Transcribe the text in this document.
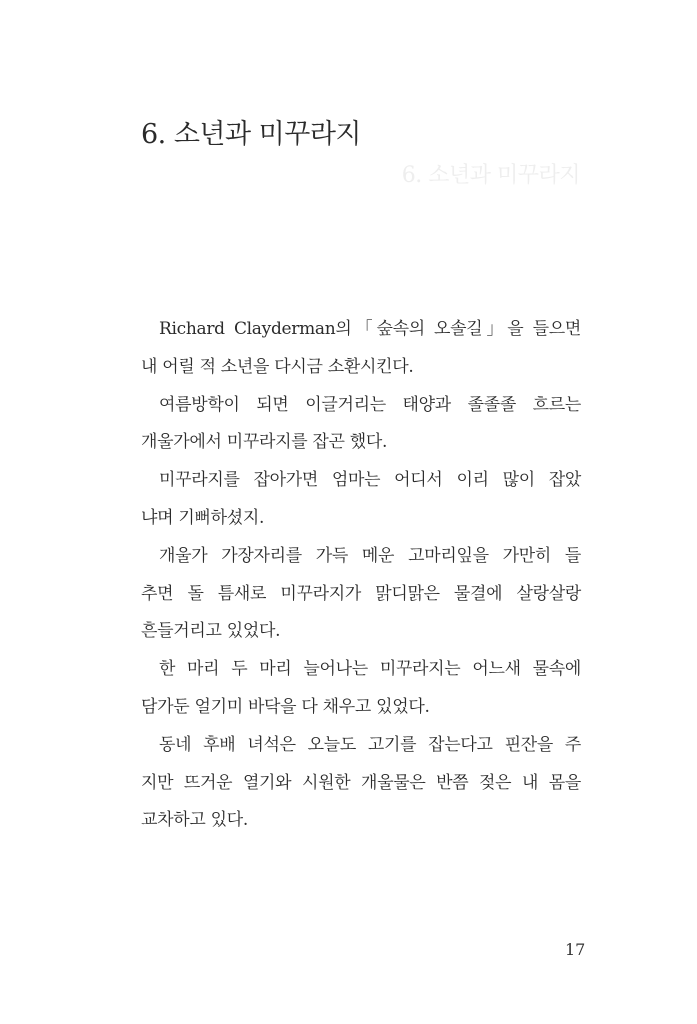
6. 소년과 미꾸라지
6. 소년과 미꾸라지
Richard Clayderman의「숲속의 오솔길」을 들으면
내 어릴 적 소년을 다시금 소환시킨다.
여름방학이 되면 이글거리는 태양과 졸졸졸 흐르는
개울가에서 미꾸라지를 잡곤 했다.
미꾸라지를 잡아가면 엄마는 어디서 이리 많이 잡았
냐며 기뻐하셨지.
개울가 가장자리를 가득 메운 고마리잎을 가만히 들
추면 돌 틈새로 미꾸라지가 맑디맑은 물결에 살랑살랑
흔들거리고 있었다.
한 마리 두 마리 늘어나는 미꾸라지는 어느새 물속에
담가둔 얼기미 바닥을 다 채우고 있었다.
동네 후배 녀석은 오늘도 고기를 잡는다고 핀잔을 주
지만 뜨거운 열기와 시원한 개울물은 반쯤 젖은 내 몸을
교차하고 있다.
17
